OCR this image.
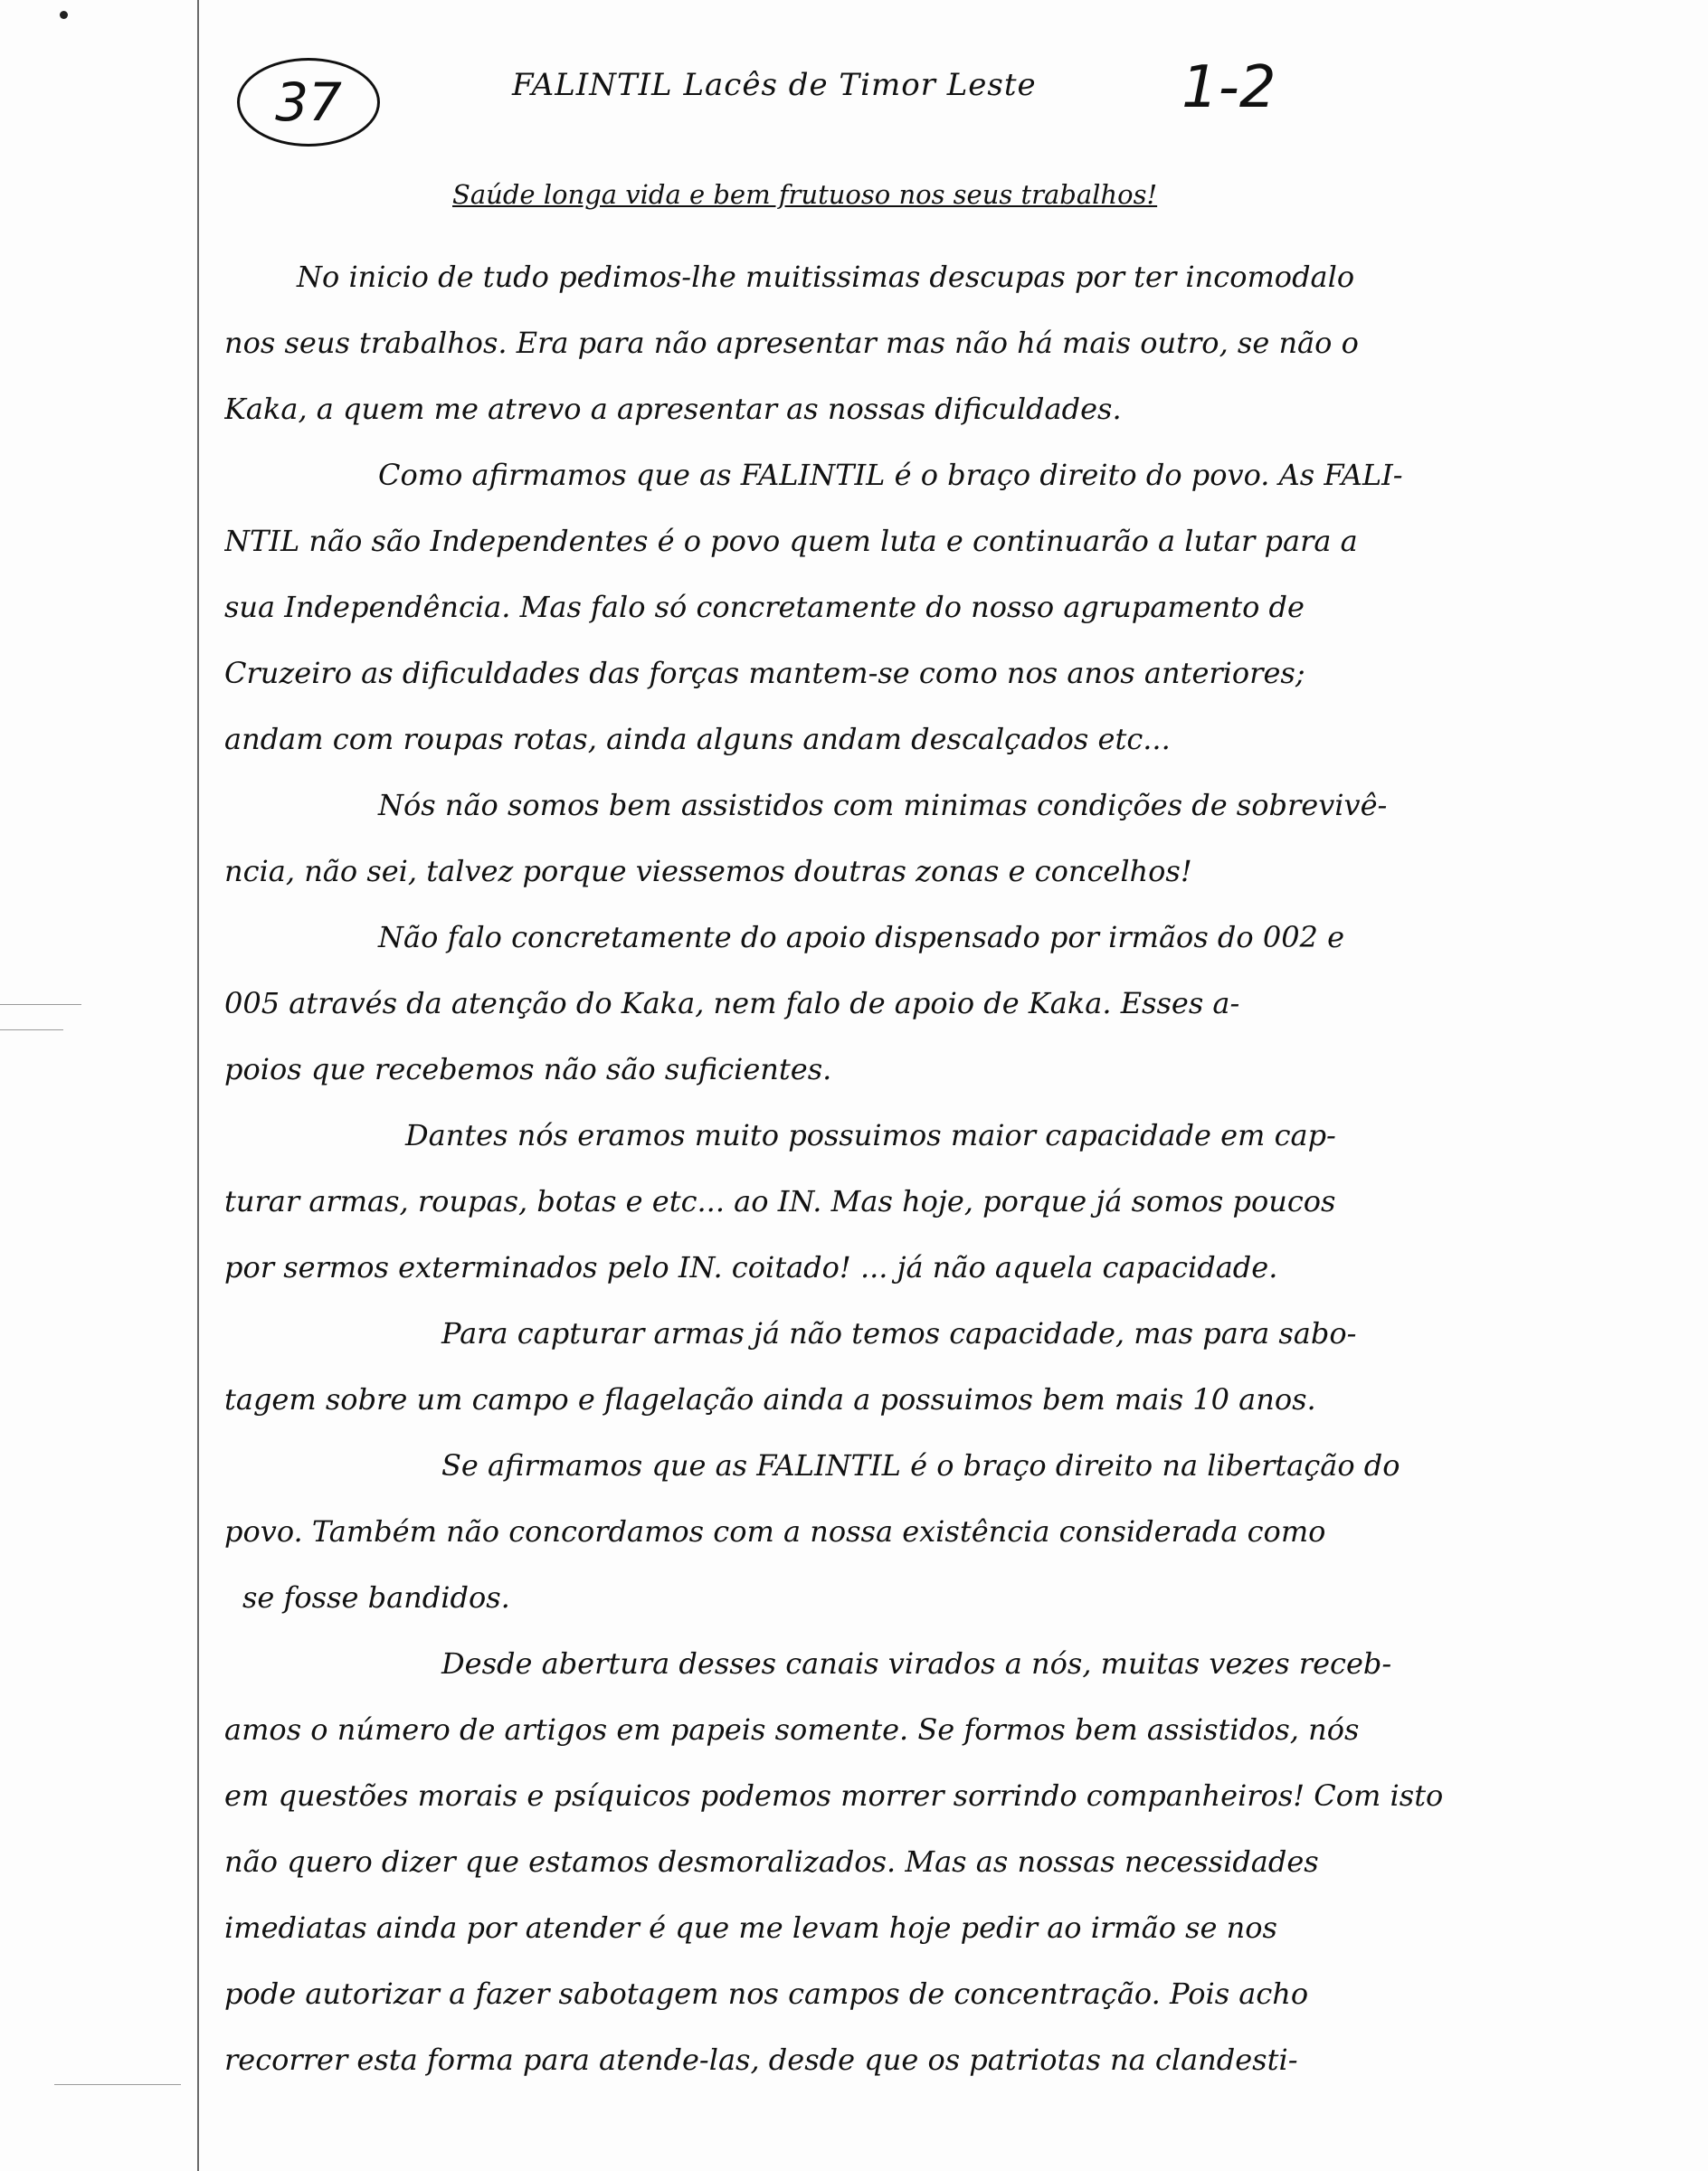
37	FALINTIL Lacês de Timor Leste	1-2
Saúde longa vida e bem frutuoso nos seus trabalhos!
No inicio de tudo pedimos-lhe muitissimas descupas por ter incomodalo
nos seus trabalhos. Era para não apresentar mas não há mais outro, se não o
Kaka, a quem me atrevo a apresentar as nossas dificuldades.
Como afirmamos que as FALINTIL é o braço direito do povo. As FALI-
NTIL não são Independentes é o povo quem luta e continuarão a lutar para a
sua Independência. Mas falo só concretamente do nosso agrupamento de
Cruzeiro as dificuldades das forças mantem-se como nos anos anteriores;
andam com roupas rotas, ainda alguns andam descalçados etc...
Nós não somos bem assistidos com minimas condições de sobrevivê-
ncia, não sei, talvez porque viessemos doutras zonas e concelhos!
Não falo concretamente do apoio dispensado por irmãos do 002 e
005 através da atenção do Kaka, nem falo de apoio de Kaka. Esses a-
poios que recebemos não são suficientes.
Dantes nós eramos muito possuimos maior capacidade em cap-
turar armas, roupas, botas e etc... ao IN. Mas hoje, porque já somos poucos
por sermos exterminados pelo IN. coitado! ... já não aquela capacidade.
Para capturar armas já não temos capacidade, mas para sabo-
tagem sobre um campo e flagelação ainda a possuimos bem mais 10 anos.
Se afirmamos que as FALINTIL é o braço direito na libertação do
povo. Também não concordamos com a nossa existência considerada como
se fosse bandidos.
Desde abertura desses canais virados a nós, muitas vezes receb-
amos o número de artigos em papeis somente. Se formos bem assistidos, nós
em questões morais e psíquicos podemos morrer sorrindo companheiros! Com isto
não quero dizer que estamos desmoralizados. Mas as nossas necessidades
imediatas ainda por atender é que me levam hoje pedir ao irmão se nos
pode autorizar a fazer sabotagem nos campos de concentração. Pois acho
recorrer esta forma para atende-las, desde que os patriotas na clandesti-
